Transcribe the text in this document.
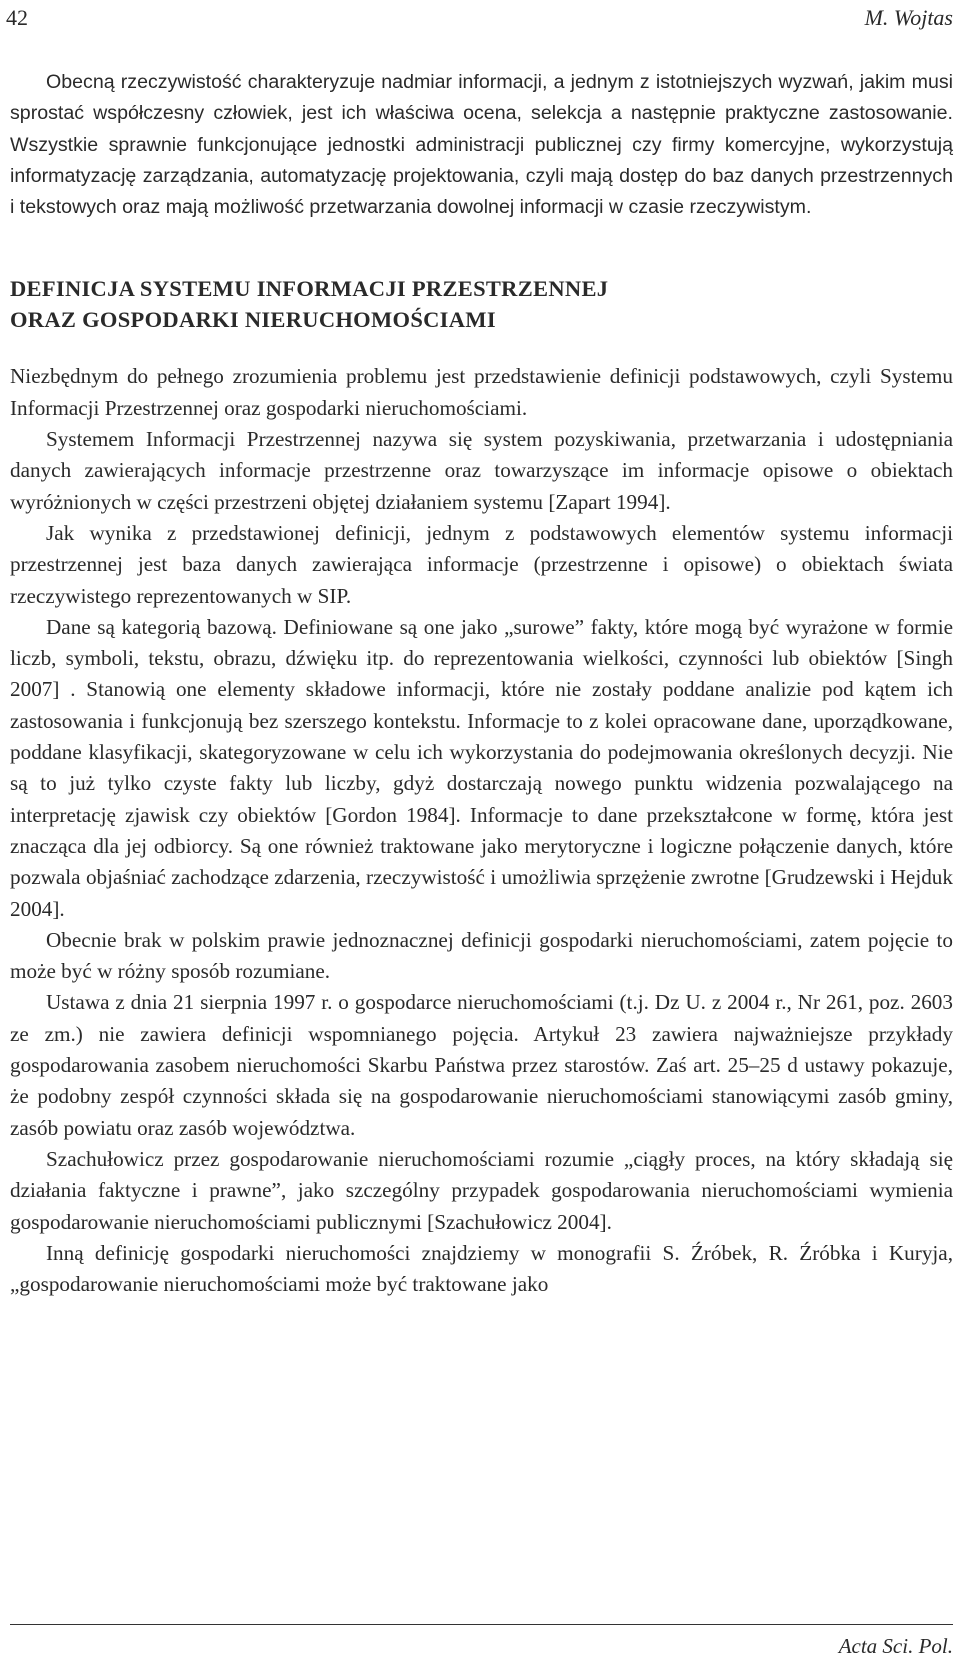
42	M. Wojtas

Obecną rzeczywistość charakteryzuje nadmiar informacji, a jednym z istotniejszych wyzwań, jakim musi sprostać współczesny człowiek, jest ich właściwa ocena, selekcja a następnie praktyczne zastosowanie. Wszystkie sprawnie funkcjonujące jednostki administracji publicznej czy firmy komercyjne, wykorzystują informatyzację zarządzania, automatyzację projektowania, czyli mają dostęp do baz danych przestrzennych i tekstowych oraz mają możliwość przetwarzania dowolnej informacji w czasie rzeczywistym.

DEFINICJA SYSTEMU INFORMACJI PRZESTRZENNEJ
ORAZ GOSPODARKI NIERUCHOMOŚCIAMI

Niezbędnym do pełnego zrozumienia problemu jest przedstawienie definicji podstawowych, czyli Systemu Informacji Przestrzennej oraz gospodarki nieruchomościami.

Systemem Informacji Przestrzennej nazywa się system pozyskiwania, przetwarzania i udostępniania danych zawierających informacje przestrzenne oraz towarzyszące im informacje opisowe o obiektach wyróżnionych w części przestrzeni objętej działaniem systemu [Zapart 1994].

Jak wynika z przedstawionej definicji, jednym z podstawowych elementów systemu informacji przestrzennej jest baza danych zawierająca informacje (przestrzenne i opisowe) o obiektach świata rzeczywistego reprezentowanych w SIP.

Dane są kategorią bazową. Definiowane są one jako „surowe” fakty, które mogą być wyrażone w formie liczb, symboli, tekstu, obrazu, dźwięku itp. do reprezentowania wielkości, czynności lub obiektów [Singh 2007] . Stanowią one elementy składowe informacji, które nie zostały poddane analizie pod kątem ich zastosowania i funkcjonują bez szerszego kontekstu. Informacje to z kolei opracowane dane, uporządkowane, poddane klasyfikacji, skategoryzowane w celu ich wykorzystania do podejmowania określonych decyzji. Nie są to już tylko czyste fakty lub liczby, gdyż dostarczają nowego punktu widzenia pozwalającego na interpretację zjawisk czy obiektów [Gordon 1984]. Informacje to dane przekształcone w formę, która jest znacząca dla jej odbiorcy. Są one również traktowane jako merytoryczne i logiczne połączenie danych, które pozwala objaśniać zachodzące zdarzenia, rzeczywistość i umożliwia sprzężenie zwrotne [Grudzewski i Hejduk 2004].

Obecnie brak w polskim prawie jednoznacznej definicji gospodarki nieruchomościami, zatem pojęcie to może być w różny sposób rozumiane.

Ustawa z dnia 21 sierpnia 1997 r. o gospodarce nieruchomościami (t.j. Dz U. z 2004 r., Nr 261, poz. 2603 ze zm.) nie zawiera definicji wspomnianego pojęcia. Artykuł 23 zawiera najważniejsze przykłady gospodarowania zasobem nieruchomości Skarbu Państwa przez starostów. Zaś art. 25–25 d ustawy pokazuje, że podobny zespół czynności składa się na gospodarowanie nieruchomościami stanowiącymi zasób gminy, zasób powiatu oraz zasób województwa.

Szachułowicz przez gospodarowanie nieruchomościami rozumie „ciągły proces, na który składają się działania faktyczne i prawne”, jako szczególny przypadek gospodarowania nieruchomościami wymienia gospodarowanie nieruchomościami publicznymi [Szachułowicz 2004].

Inną definicję gospodarki nieruchomości znajdziemy w monografii S. Źróbek, R. Źróbka i Kuryja, „gospodarowanie nieruchomościami może być traktowane jako

Acta Sci. Pol.
